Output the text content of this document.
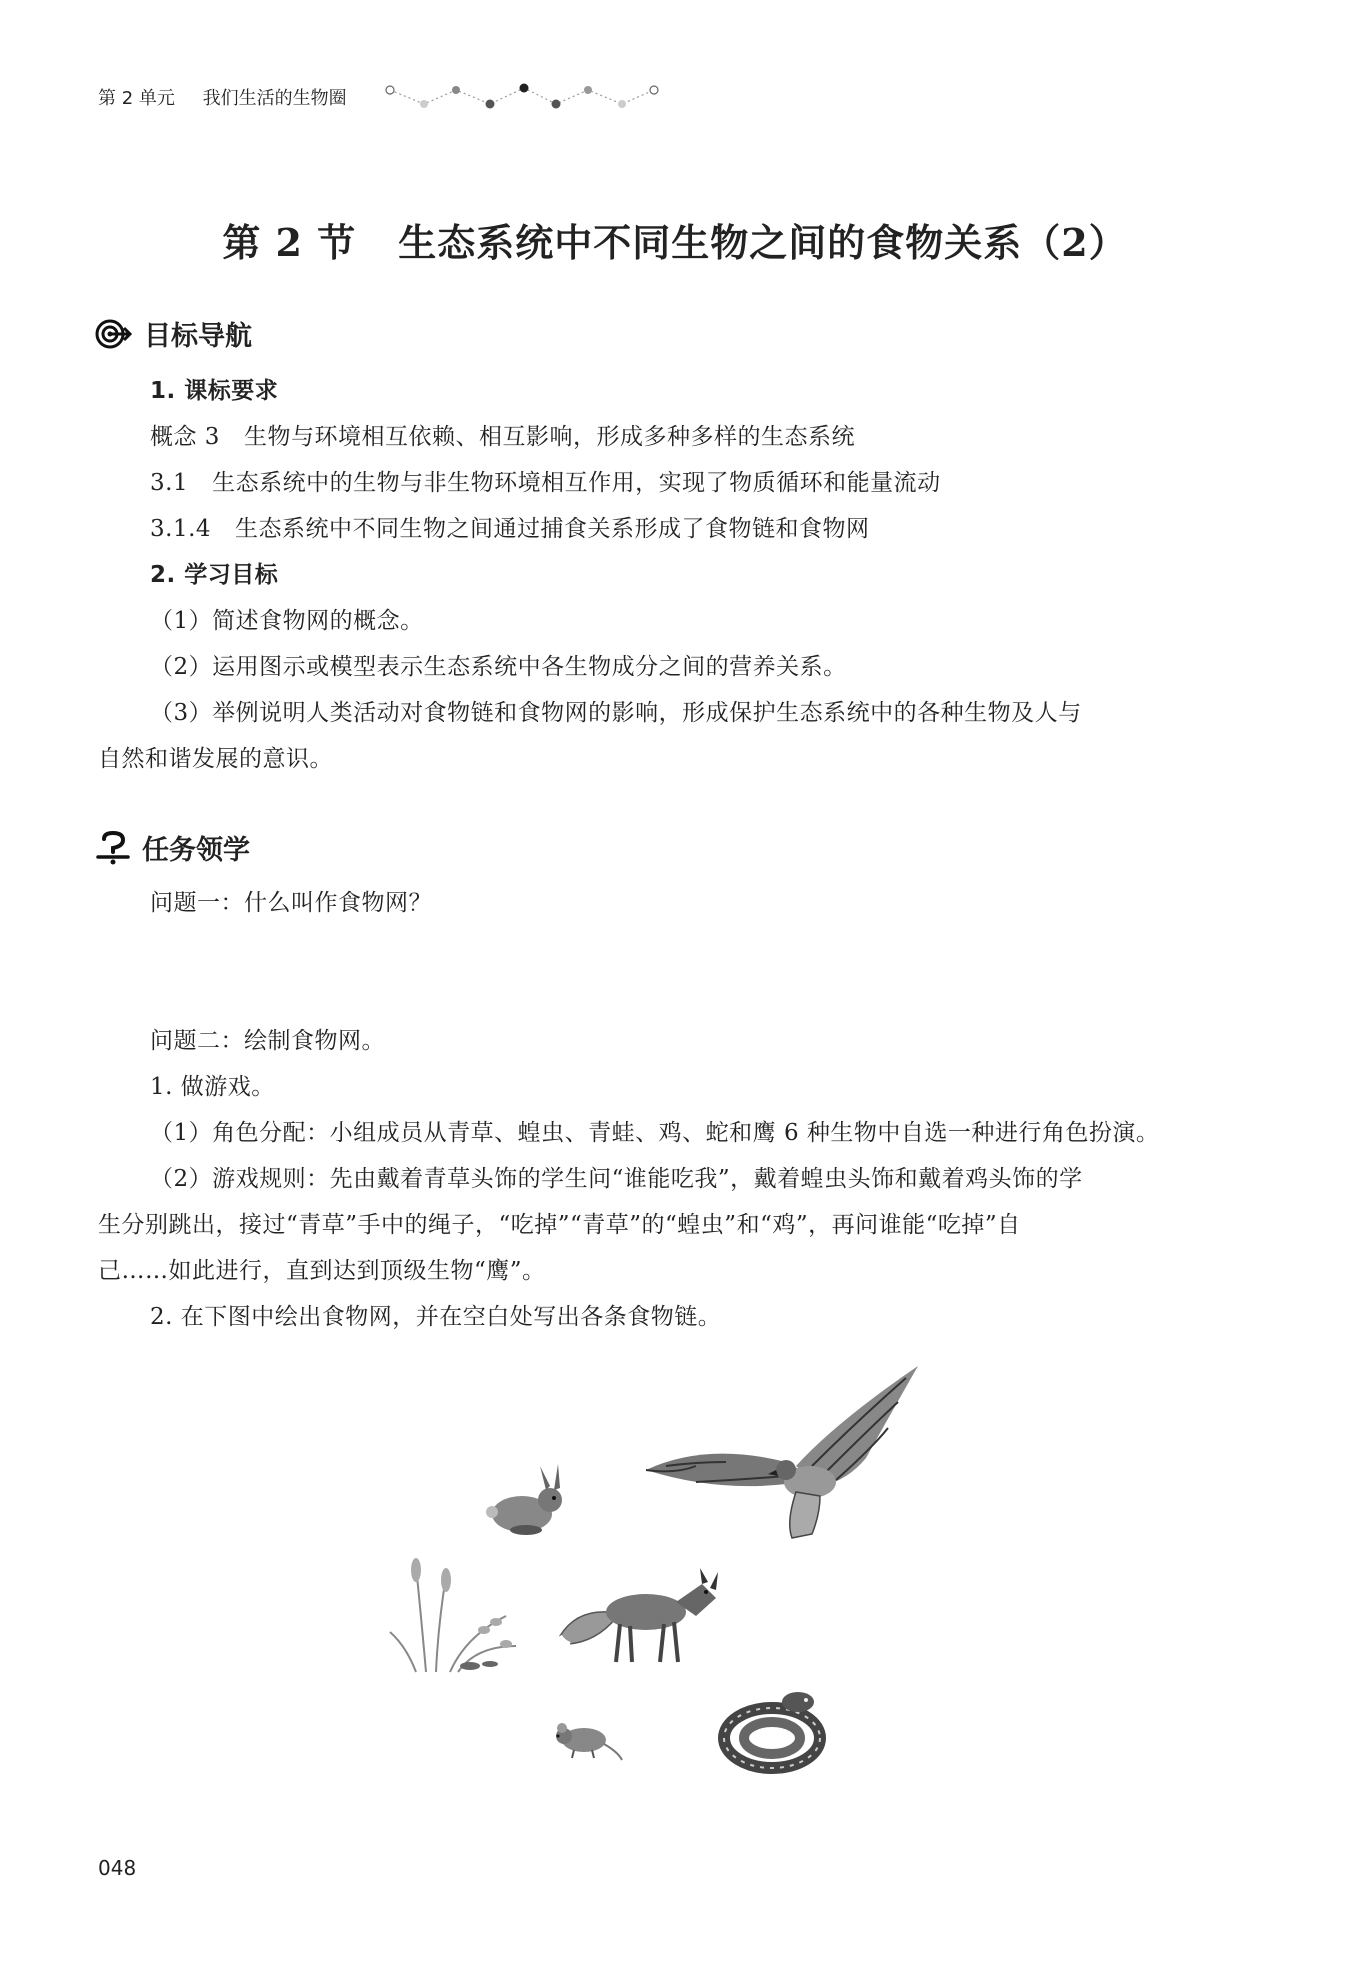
第 2 单元 我们生活的生物圈
第 2 节 生态系统中不同生物之间的食物关系（2）
目标导航
1. 课标要求
概念 3 生物与环境相互依赖、相互影响，形成多种多样的生态系统
3.1 生态系统中的生物与非生物环境相互作用，实现了物质循环和能量流动
3.1.4 生态系统中不同生物之间通过捕食关系形成了食物链和食物网
2. 学习目标
（1）简述食物网的概念。
（2）运用图示或模型表示生态系统中各生物成分之间的营养关系。
（3）举例说明人类活动对食物链和食物网的影响，形成保护生态系统中的各种生物及人与
自然和谐发展的意识。
任务领学
问题一：什么叫作食物网？
问题二：绘制食物网。
1. 做游戏。
（1）角色分配：小组成员从青草、蝗虫、青蛙、鸡、蛇和鹰 6 种生物中自选一种进行角色扮演。
（2）游戏规则：先由戴着青草头饰的学生问“谁能吃我”，戴着蝗虫头饰和戴着鸡头饰的学
生分别跳出，接过“青草”手中的绳子，“吃掉”“青草”的“蝗虫”和“鸡”，再问谁能“吃掉”自
己……如此进行，直到达到顶级生物“鹰”。
2. 在下图中绘出食物网，并在空白处写出各条食物链。
048
